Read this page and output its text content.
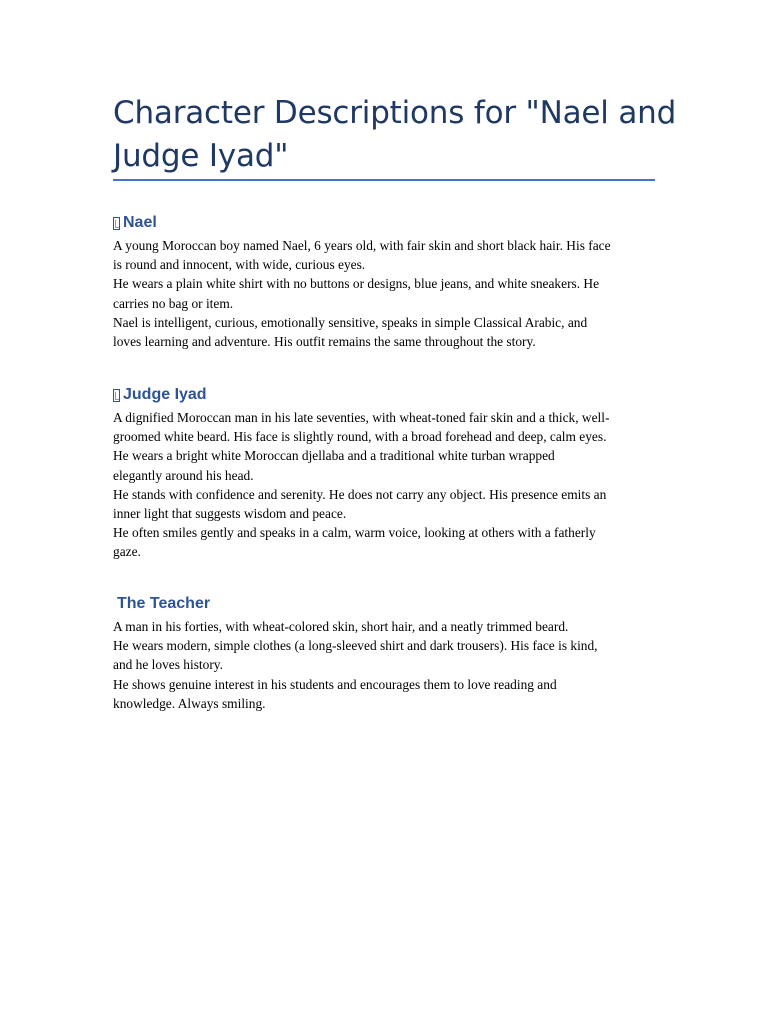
Character Descriptions for "Nael and
Judge Iyad"
Nael

A young Moroccan boy named Nael, 6 years old, with fair skin and short black hair. His face
is round and innocent, with wide, curious eyes.
He wears a plain white shirt with no buttons or designs, blue jeans, and white sneakers. He
carries no bag or item.
Nael is intelligent, curious, emotionally sensitive, speaks in simple Classical Arabic, and
loves learning and adventure. His outfit remains the same throughout the story.

Judge Iyad

A dignified Moroccan man in his late seventies, with wheat-toned fair skin and a thick, well-
groomed white beard. His face is slightly round, with a broad forehead and deep, calm eyes.
He wears a bright white Moroccan djellaba and a traditional white turban wrapped
elegantly around his head.
He stands with confidence and serenity. He does not carry any object. His presence emits an
inner light that suggests wisdom and peace.
He often smiles gently and speaks in a calm, warm voice, looking at others with a fatherly
gaze.

The Teacher

A man in his forties, with wheat-colored skin, short hair, and a neatly trimmed beard.
He wears modern, simple clothes (a long-sleeved shirt and dark trousers). His face is kind,
and he loves history.
He shows genuine interest in his students and encourages them to love reading and
knowledge. Always smiling.
